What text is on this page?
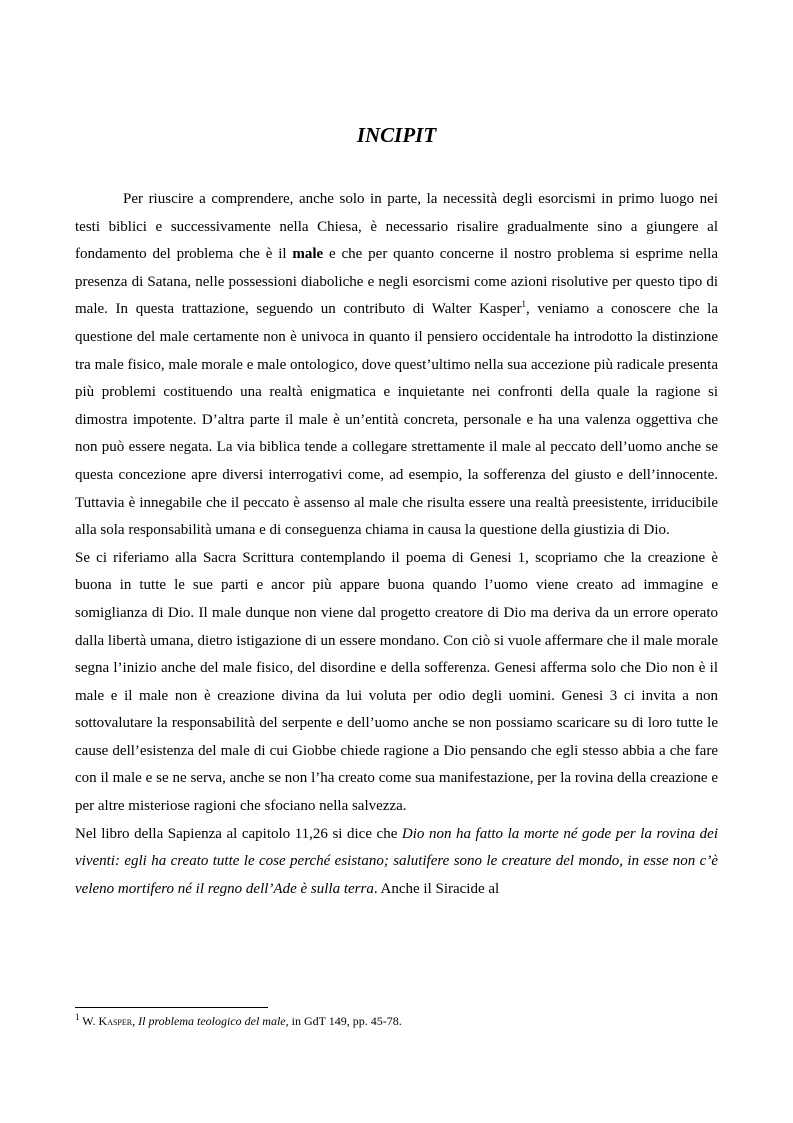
INCIPIT

Per riuscire a comprendere, anche solo in parte, la necessità degli esorcismi in primo luogo nei testi biblici e successivamente nella Chiesa, è necessario risalire gradualmente sino a giungere al fondamento del problema che è il male e che per quanto concerne il nostro problema si esprime nella presenza di Satana, nelle possessioni diaboliche e negli esorcismi come azioni risolutive per questo tipo di male. In questa trattazione, seguendo un contributo di Walter Kasper$^1$, veniamo a conoscere che la questione del male certamente non è univoca in quanto il pensiero occidentale ha introdotto la distinzione tra male fisico, male morale e male ontologico, dove quest’ultimo nella sua accezione più radicale presenta più problemi costituendo una realtà enigmatica e inquietante nei confronti della quale la ragione si dimostra impotente. D’altra parte il male è un’entità concreta, personale e ha una valenza oggettiva che non può essere negata. La via biblica tende a collegare strettamente il male al peccato dell’uomo anche se questa concezione apre diversi interrogativi come, ad esempio, la sofferenza del giusto e dell’innocente. Tuttavia è innegabile che il peccato è assenso al male che risulta essere una realtà preesistente, irriducibile alla sola responsabilità umana e di conseguenza chiama in causa la questione della giustizia di Dio.

Se ci riferiamo alla Sacra Scrittura contemplando il poema di Genesi 1, scopriamo che la creazione è buona in tutte le sue parti e ancor più appare buona quando l’uomo viene creato ad immagine e somiglianza di Dio. Il male dunque non viene dal progetto creatore di Dio ma deriva da un errore operato dalla libertà umana, dietro istigazione di un essere mondano. Con ciò si vuole affermare che il male morale segna l’inizio anche del male fisico, del disordine e della sofferenza. Genesi afferma solo che Dio non è il male e il male non è creazione divina da lui voluta per odio degli uomini. Genesi 3 ci invita a non sottovalutare la responsabilità del serpente e dell’uomo anche se non possiamo scaricare su di loro tutte le cause dell’esistenza del male di cui Giobbe chiede ragione a Dio pensando che egli stesso abbia a che fare con il male e se ne serva, anche se non l’ha creato come sua manifestazione, per la rovina della creazione e per altre misteriose ragioni che sfociano nella salvezza.

Nel libro della Sapienza al capitolo 11,26 si dice che Dio non ha fatto la morte né gode per la rovina dei viventi: egli ha creato tutte le cose perché esistano; salutifere sono le creature del mondo, in esse non c’è veleno mortifero né il regno dell’Ade è sulla terra. Anche il Siracide al

$^1$ W. Kasper, Il problema teologico del male, in GdT 149, pp. 45-78.
